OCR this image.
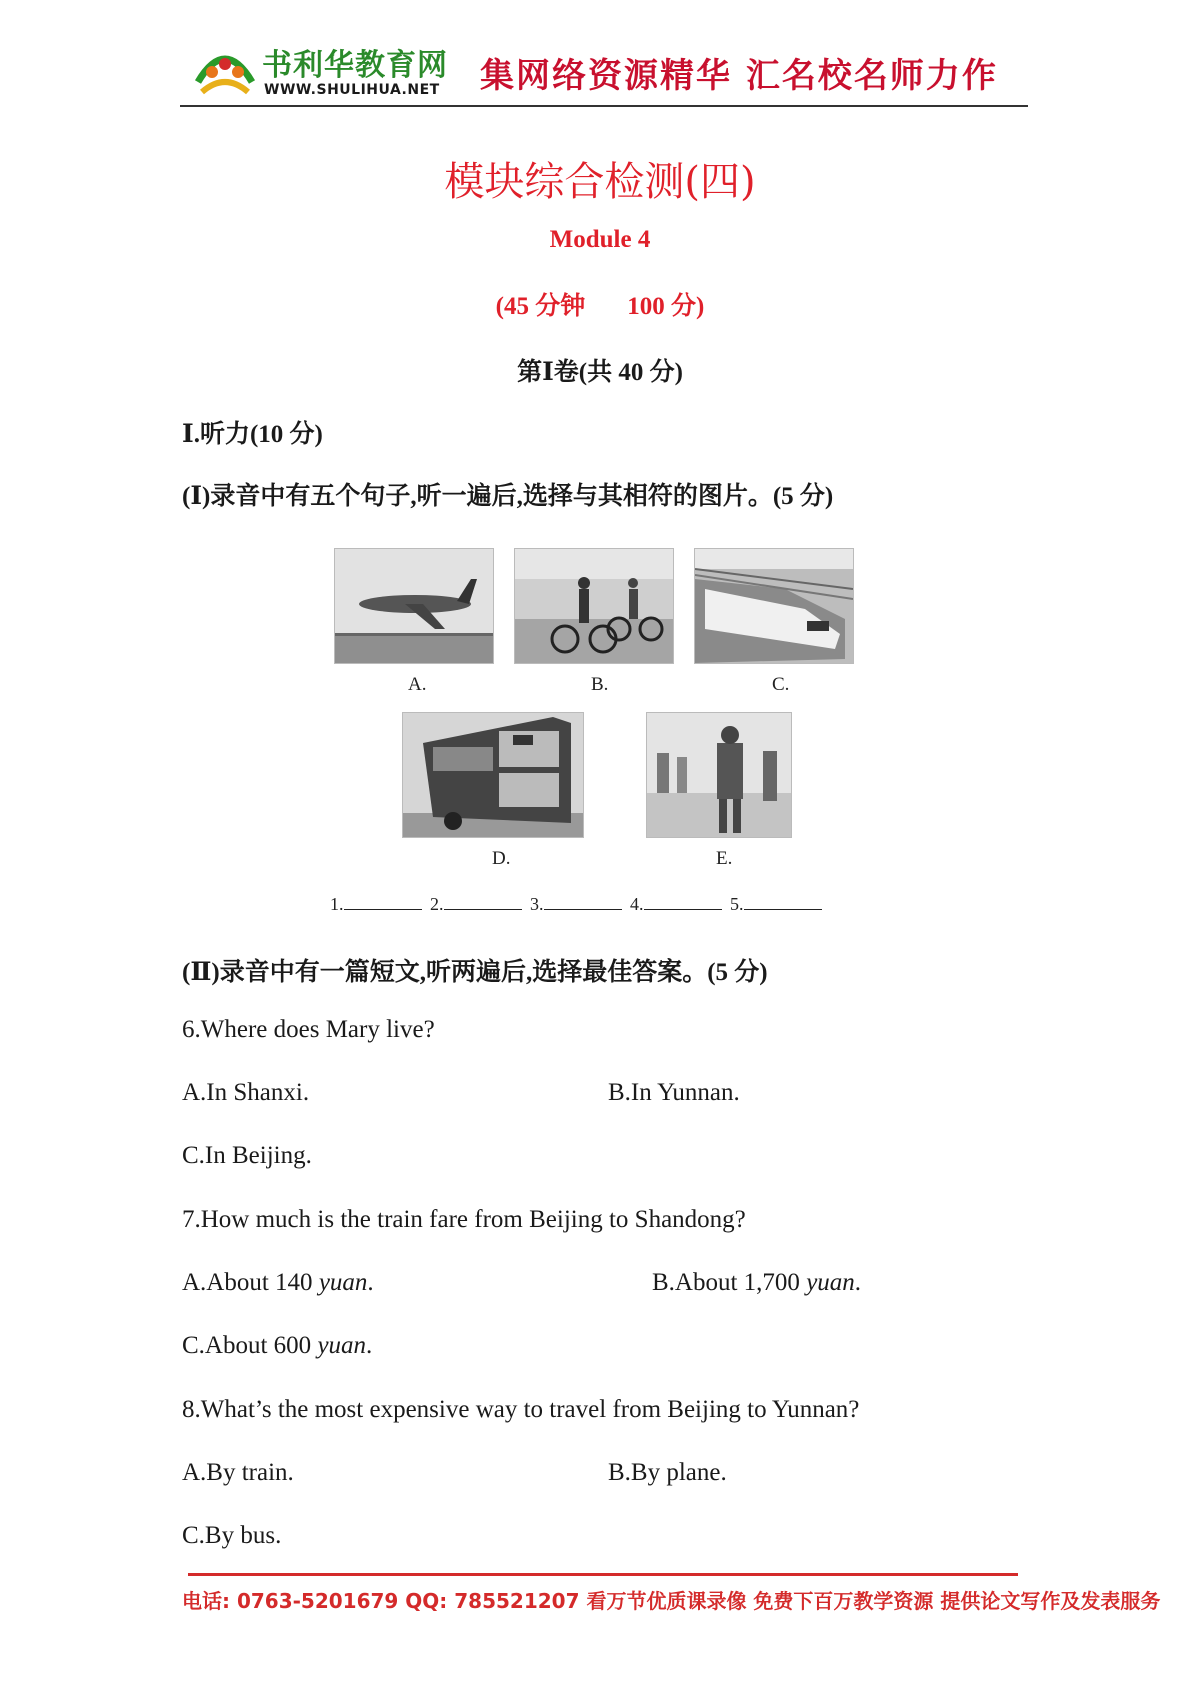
书利华教育网
WWW.SHULIHUA.NET 集网络资源精华 汇名校名师力作
模块综合检测(四)
Module 4
(45 分钟 100 分)
第Ⅰ卷(共 40 分)
Ⅰ.听力(10 分)
(Ⅰ)录音中有五个句子,听一遍后,选择与其相符的图片。(5 分)
A.	B.	C.
D.	E.
1.	2.	3.	4.	5.
(Ⅱ)录音中有一篇短文,听两遍后,选择最佳答案。(5 分)
6.Where does Mary live?
A.In Shanxi.	B.In Yunnan.
C.In Beijing.
7.How much is the train fare from Beijing to Shandong?
A.About 140 yuan.	B.About 1,700 yuan.
C.About 600 yuan.
8.What’s the most expensive way to travel from Beijing to Yunnan?
A.By train.	B.By plane.
C.By bus.
电话: 0763-5201679 QQ: 785521207 看万节优质课录像 免费下百万教学资源 提供论文写作及发表服务
